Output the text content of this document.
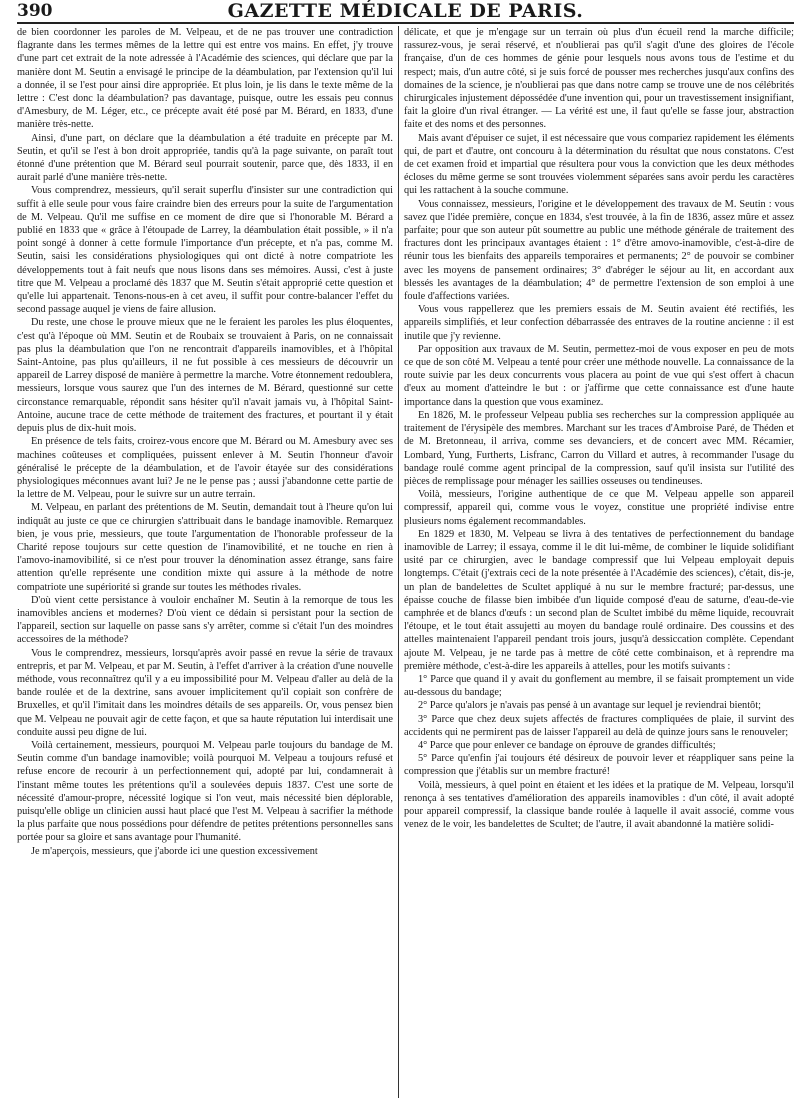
390	GAZETTE MÉDICALE DE PARIS.

de bien coordonner les paroles de M. Velpeau, et de ne pas trouver une contradiction flagrante dans les termes mêmes de la lettre qui est entre vos mains. En effet, j'y trouve d'une part cet extrait de la note adressée à l'Académie des sciences, qui déclare que par la manière dont M. Seutin a envisagé le principe de la déambulation, par l'extension qu'il lui a donnée, il se l'est pour ainsi dire appropriée. Et plus loin, je lis dans le texte même de la lettre : C'est donc la déambulation? pas davantage, puisque, outre les essais peu connus d'Amesbury, de M. Léger, etc., ce précepte avait été posé par M. Bérard, en 1833, d'une manière très-nette.

Ainsi, d'une part, on déclare que la déambulation a été traduite en précepte par M. Seutin, et qu'il se l'est à bon droit appropriée, tandis qu'à la page suivante, on paraît tout étonné d'une prétention que M. Bérard seul pourrait soutenir, parce que, dès 1833, il en aurait parlé d'une manière très-nette.

Vous comprendrez, messieurs, qu'il serait superflu d'insister sur une contradiction qui suffit à elle seule pour vous faire craindre bien des erreurs pour la suite de l'argumentation de M. Velpeau. Qu'il me suffise en ce moment de dire que si l'honorable M. Bérard a publié en 1833 que « grâce à l'étoupade de Larrey, la déambulation était possible, » il n'a point songé à donner à cette formule l'importance d'un précepte, et n'a pas, comme M. Seutin, saisi les considérations physiologiques qui ont dicté à notre compatriote les développements tout à fait neufs que nous lisons dans ses mémoires. Aussi, c'est à juste titre que M. Velpeau a proclamé dès 1837 que M. Seutin s'était approprié cette question et qu'elle lui appartenait. Tenons-nous-en à cet aveu, il suffit pour contre-balancer l'effet du second passage auquel je viens de faire allusion.

Du reste, une chose le prouve mieux que ne le feraient les paroles les plus éloquentes, c'est qu'à l'époque où MM. Seutin et de Roubaix se trouvaient à Paris, on ne connaissait pas plus la déambulation que l'on ne rencontrait d'appareils inamovibles, et à l'hôpital Saint-Antoine, pas plus qu'ailleurs, il ne fut possible à ces messieurs de découvrir un appareil de Larrey disposé de manière à permettre la marche. Votre étonnement redoublera, messieurs, lorsque vous saurez que l'un des internes de M. Bérard, questionné sur cette circonstance remarquable, répondit sans hésiter qu'il n'avait jamais vu, à l'hôpital Saint-Antoine, aucune trace de cette méthode de traitement des fractures, et pourtant il y était depuis plus de dix-huit mois.

En présence de tels faits, croirez-vous encore que M. Bérard ou M. Amesbury avec ses machines coûteuses et compliquées, puissent enlever à M. Seutin l'honneur d'avoir généralisé le précepte de la déambulation, et de l'avoir étayée sur des considérations physiologiques méconnues avant lui? Je ne le pense pas ; aussi j'abandonne cette partie de la lettre de M. Velpeau, pour le suivre sur un autre terrain.

M. Velpeau, en parlant des prétentions de M. Seutin, demandait tout à l'heure qu'on lui indiquât au juste ce que ce chirurgien s'attribuait dans le bandage inamovible. Remarquez bien, je vous prie, messieurs, que toute l'argumentation de l'honorable professeur de la Charité repose toujours sur cette question de l'inamovibilité, et ne touche en rien à l'amovo-inamovibilité, si ce n'est pour trouver la dénomination assez étrange, sans faire attention qu'elle représente une condition mixte qui assure à la méthode de notre compatriote une supériorité si grande sur toutes les méthodes rivales.

D'où vient cette persistance à vouloir enchaîner M. Seutin à la remorque de tous les inamovibles anciens et modernes? D'où vient ce dédain si persistant pour la section de l'appareil, section sur laquelle on passe sans s'y arrêter, comme si c'était l'un des moindres accessoires de la méthode?

Vous le comprendrez, messieurs, lorsqu'après avoir passé en revue la série de travaux entrepris, et par M. Velpeau, et par M. Seutin, à l'effet d'arriver à la création d'une nouvelle méthode, vous reconnaîtrez qu'il y a eu impossibilité pour M. Velpeau d'aller au delà de la bande roulée et de la dextrine, sans avouer implicitement qu'il copiait son confrère de Bruxelles, et qu'il l'imitait dans les moindres détails de ses appareils. Or, vous pensez bien que M. Velpeau ne pouvait agir de cette façon, et que sa haute réputation lui interdisait une conduite aussi peu digne de lui.

Voilà certainement, messieurs, pourquoi M. Velpeau parle toujours du bandage de M. Seutin comme d'un bandage inamovible; voilà pourquoi M. Velpeau a toujours refusé et refuse encore de recourir à un perfectionnement qui, adopté par lui, condamnerait à l'instant même toutes les prétentions qu'il a soulevées depuis 1837. C'est une sorte de nécessité d'amour-propre, nécessité logique si l'on veut, mais nécessité bien déplorable, puisqu'elle oblige un clinicien aussi haut placé que l'est M. Velpeau à sacrifier la méthode la plus parfaite que nous possédions pour défendre de petites prétentions personnelles sans portée pour sa gloire et sans avantage pour l'humanité.

Je m'aperçois, messieurs, que j'aborde ici une question excessivement

délicate, et que je m'engage sur un terrain où plus d'un écueil rend la marche difficile; rassurez-vous, je serai réservé, et n'oublierai pas qu'il s'agit d'une des gloires de l'école française, d'un de ces hommes de génie pour lesquels nous avons tous de l'estime et du respect; mais, d'un autre côté, si je suis forcé de pousser mes recherches jusqu'aux confins des domaines de la science, je n'oublierai pas que dans notre camp se trouve une de nos célébrités chirurgicales injustement dépossédée d'une invention qui, pour un travestissement insignifiant, fait la gloire d'un rival étranger. — La vérité est une, il faut qu'elle se fasse jour, abstraction faite et des noms et des personnes.

Mais avant d'épuiser ce sujet, il est nécessaire que vous compariez rapidement les éléments qui, de part et d'autre, ont concouru à la détermination du résultat que nous constatons. C'est de cet examen froid et impartial que résultera pour vous la conviction que les deux méthodes écloses du même germe se sont trouvées violemment séparées sans avoir perdu les caractères qui les rattachent à la souche commune.

Vous connaissez, messieurs, l'origine et le développement des travaux de M. Seutin : vous savez que l'idée première, conçue en 1834, s'est trouvée, à la fin de 1836, assez mûre et assez parfaite; pour que son auteur pût soumettre au public une méthode générale de traitement des fractures dont les principaux avantages étaient : 1° d'être amovo-inamovible, c'est-à-dire de réunir tous les bienfaits des appareils temporaires et permanents; 2° de pouvoir se combiner avec les moyens de pansement ordinaires; 3° d'abréger le séjour au lit, en accordant aux blessés les avantages de la déambulation; 4° de permettre l'extension de son emploi à une foule d'affections variées.

Vous vous rappellerez que les premiers essais de M. Seutin avaient été rectifiés, les appareils simplifiés, et leur confection débarrassée des entraves de la routine ancienne : il est inutile que j'y revienne.

Par opposition aux travaux de M. Seutin, permettez-moi de vous exposer en peu de mots ce que de son côté M. Velpeau a tenté pour créer une méthode nouvelle. La connaissance de la route suivie par les deux concurrents vous placera au point de vue qui s'est offert à chacun d'eux au moment d'atteindre le but : or j'affirme que cette connaissance est d'une haute importance dans la question que vous examinez.

En 1826, M. le professeur Velpeau publia ses recherches sur la compression appliquée au traitement de l'érysipèle des membres. Marchant sur les traces d'Ambroise Paré, de Théden et de M. Bretonneau, il arriva, comme ses devanciers, et de concert avec MM. Récamier, Lombard, Yung, Furtherts, Lisfranc, Carron du Villard et autres, à recommander l'usage du bandage roulé comme agent principal de la compression, sauf qu'il insista sur l'utilité des pièces de remplissage pour ménager les saillies osseuses ou tendineuses.

Voilà, messieurs, l'origine authentique de ce que M. Velpeau appelle son appareil compressif, appareil qui, comme vous le voyez, constitue une propriété indivise entre plusieurs noms également recommandables.

En 1829 et 1830, M. Velpeau se livra à des tentatives de perfectionnement du bandage inamovible de Larrey; il essaya, comme il le dit lui-même, de combiner le liquide solidifiant usité par ce chirurgien, avec le bandage compressif que lui Velpeau employait depuis longtemps. C'était (j'extrais ceci de la note présentée à l'Académie des sciences), c'était, dis-je, un plan de bandelettes de Scultet appliqué à nu sur le membre fracturé; par-dessus, une épaisse couche de filasse bien imbibée d'un liquide composé d'eau de saturne, d'eau-de-vie camphrée et de blancs d'œufs : un second plan de Scultet imbibé du même liquide, recouvrait l'étoupe, et le tout était assujetti au moyen du bandage roulé ordinaire. Des coussins et des attelles maintenaient l'appareil pendant trois jours, jusqu'à dessiccation complète. Cependant ajoute M. Velpeau, je ne tarde pas à mettre de côté cette combinaison, et à reprendre ma première méthode, c'est-à-dire les appareils à attelles, pour les motifs suivants :

1° Parce que quand il y avait du gonflement au membre, il se faisait promptement un vide au-dessous du bandage;

2° Parce qu'alors je n'avais pas pensé à un avantage sur lequel je reviendrai bientôt;

3° Parce que chez deux sujets affectés de fractures compliquées de plaie, il survint des accidents qui ne permirent pas de laisser l'appareil au delà de quinze jours sans le renouveler;

4° Parce que pour enlever ce bandage on éprouve de grandes difficultés;

5° Parce qu'enfin j'ai toujours été désireux de pouvoir lever et réappliquer sans peine la compression que j'établis sur un membre fracturé!

Voilà, messieurs, à quel point en étaient et les idées et la pratique de M. Velpeau, lorsqu'il renonça à ses tentatives d'amélioration des appareils inamovibles : d'un côté, il avait adopté pour appareil compressif, la classique bande roulée à laquelle il avait associé, comme vous venez de le voir, les bandelettes de Scultet; de l'autre, il avait abandonné la matière solidi-
